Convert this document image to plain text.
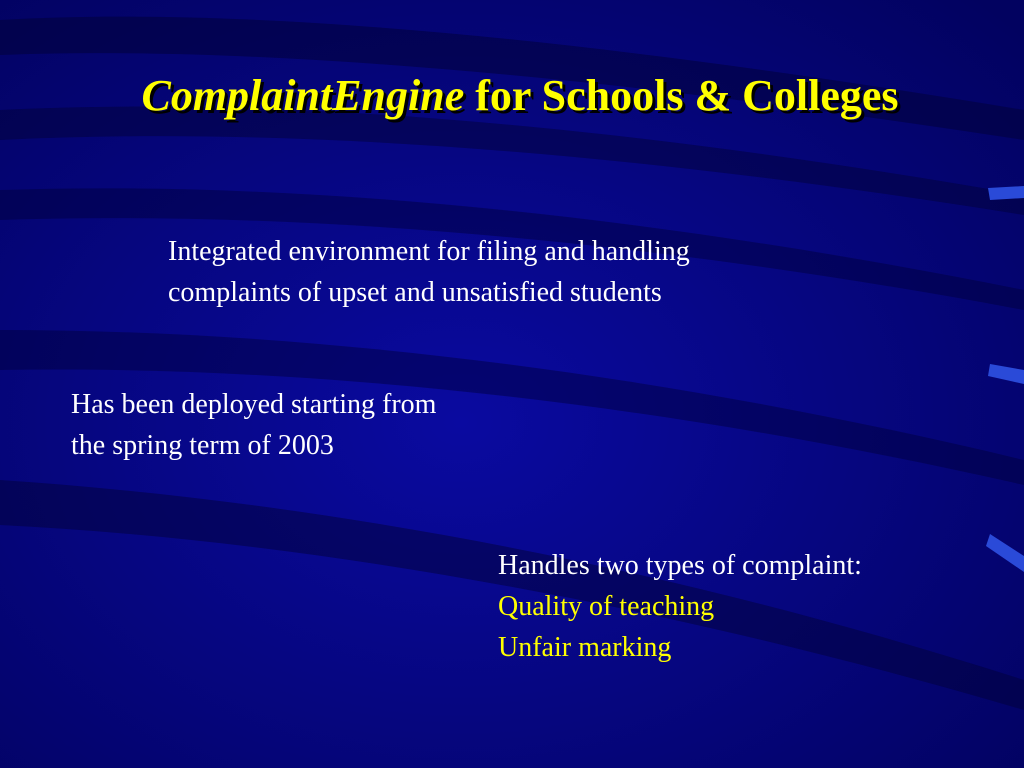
ComplaintEngine for Schools & Colleges
Integrated environment for filing and handling
complaints of upset and unsatisfied students
Has been deployed starting from
the spring term of 2003
Handles two types of complaint:
Quality of teaching
Unfair marking
